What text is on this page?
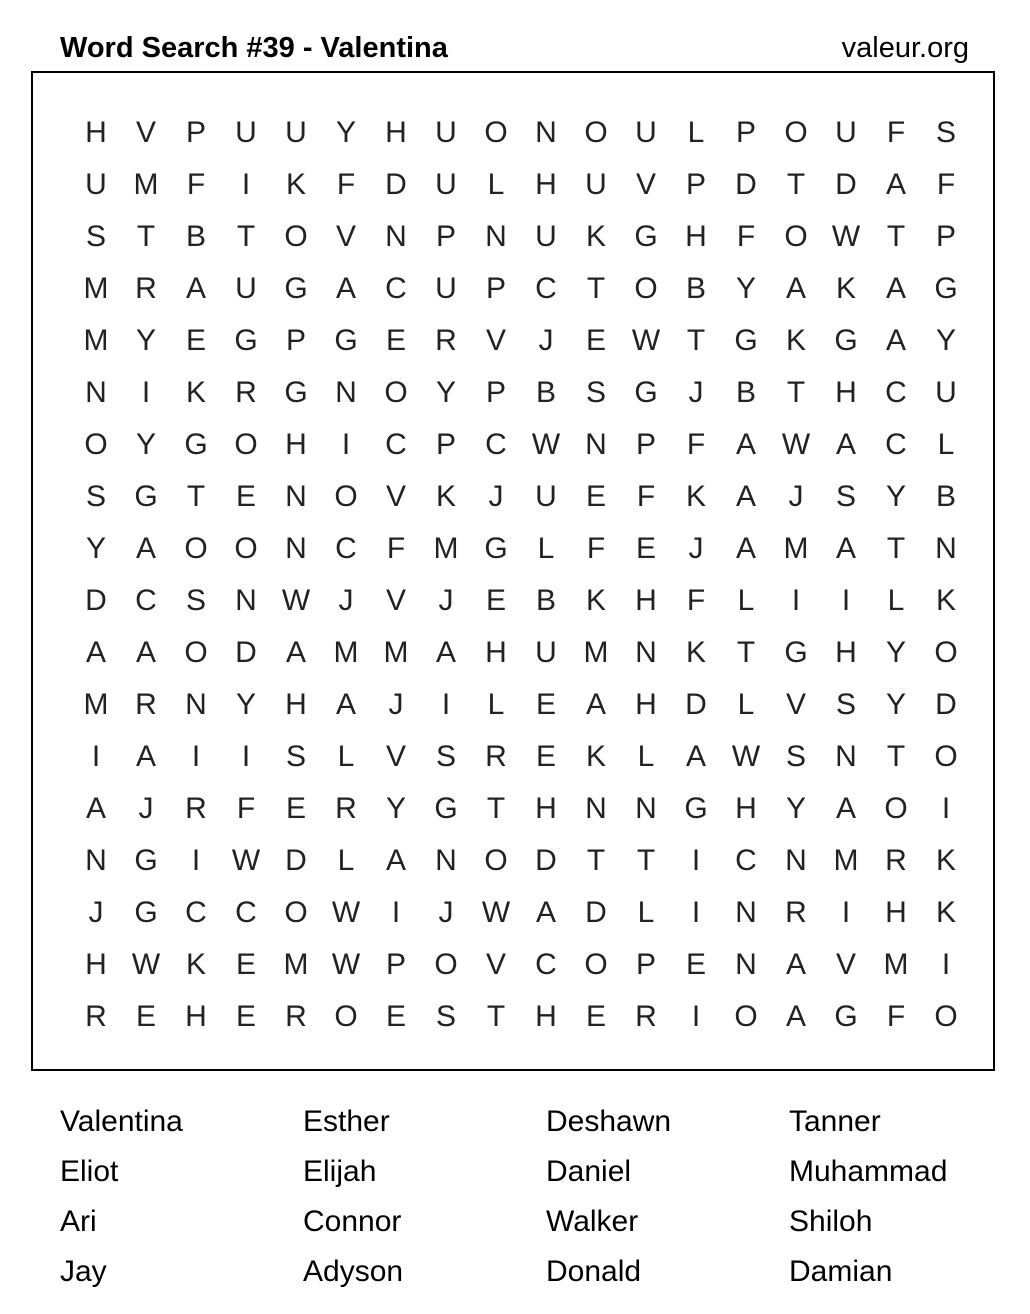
Word Search #39 - Valentina	valeur.org
H V P U U Y H U O N O U	L	P O U	F	S
U M F	I	K	F	D U	L	H U V P D	T	D A	F
S	T	B	T O V N P N U K G H	F O W T	P
M R A U G A C U P C	T O B Y A K A G
M Y E G P G E R V	J	E W T G K G A Y
N	I	K R G N O Y P B S G	J	B	T	H C U
O Y G O H	I	C P C W N P	F	A W A C	L
S G T	E N O V K	J	U E	F	K A	J	S Y B
Y A O O N C	F M G L	F	E	J	A M A	T	N
D C S N W J	V	J	E B K H	F	L	I	I	L	K
A A O D A M M A H U M N K	T G H Y O
M R N Y H A	J	I	L	E A H D	L	V S Y D
I	A	I	I	S	L	V S R E K	L	A W S N	T O
A	J	R	F	E R Y G T	H N N G H Y A O	I
N G	I	W D	L	A N O D	T	T	I	C N M R K
J	G C C O W	I	J W A D	L	I	N R	I	H K
H W K E M W P O V C O P E N A V M	I
R E H E R O E S	T	H E R	I	O A G F O
Valentina	Esther	Deshawn	Tanner
Eliot	Elijah	Daniel	Muhammad
Ari	Connor	Walker	Shiloh
Jay	Adyson	Donald	Damian
